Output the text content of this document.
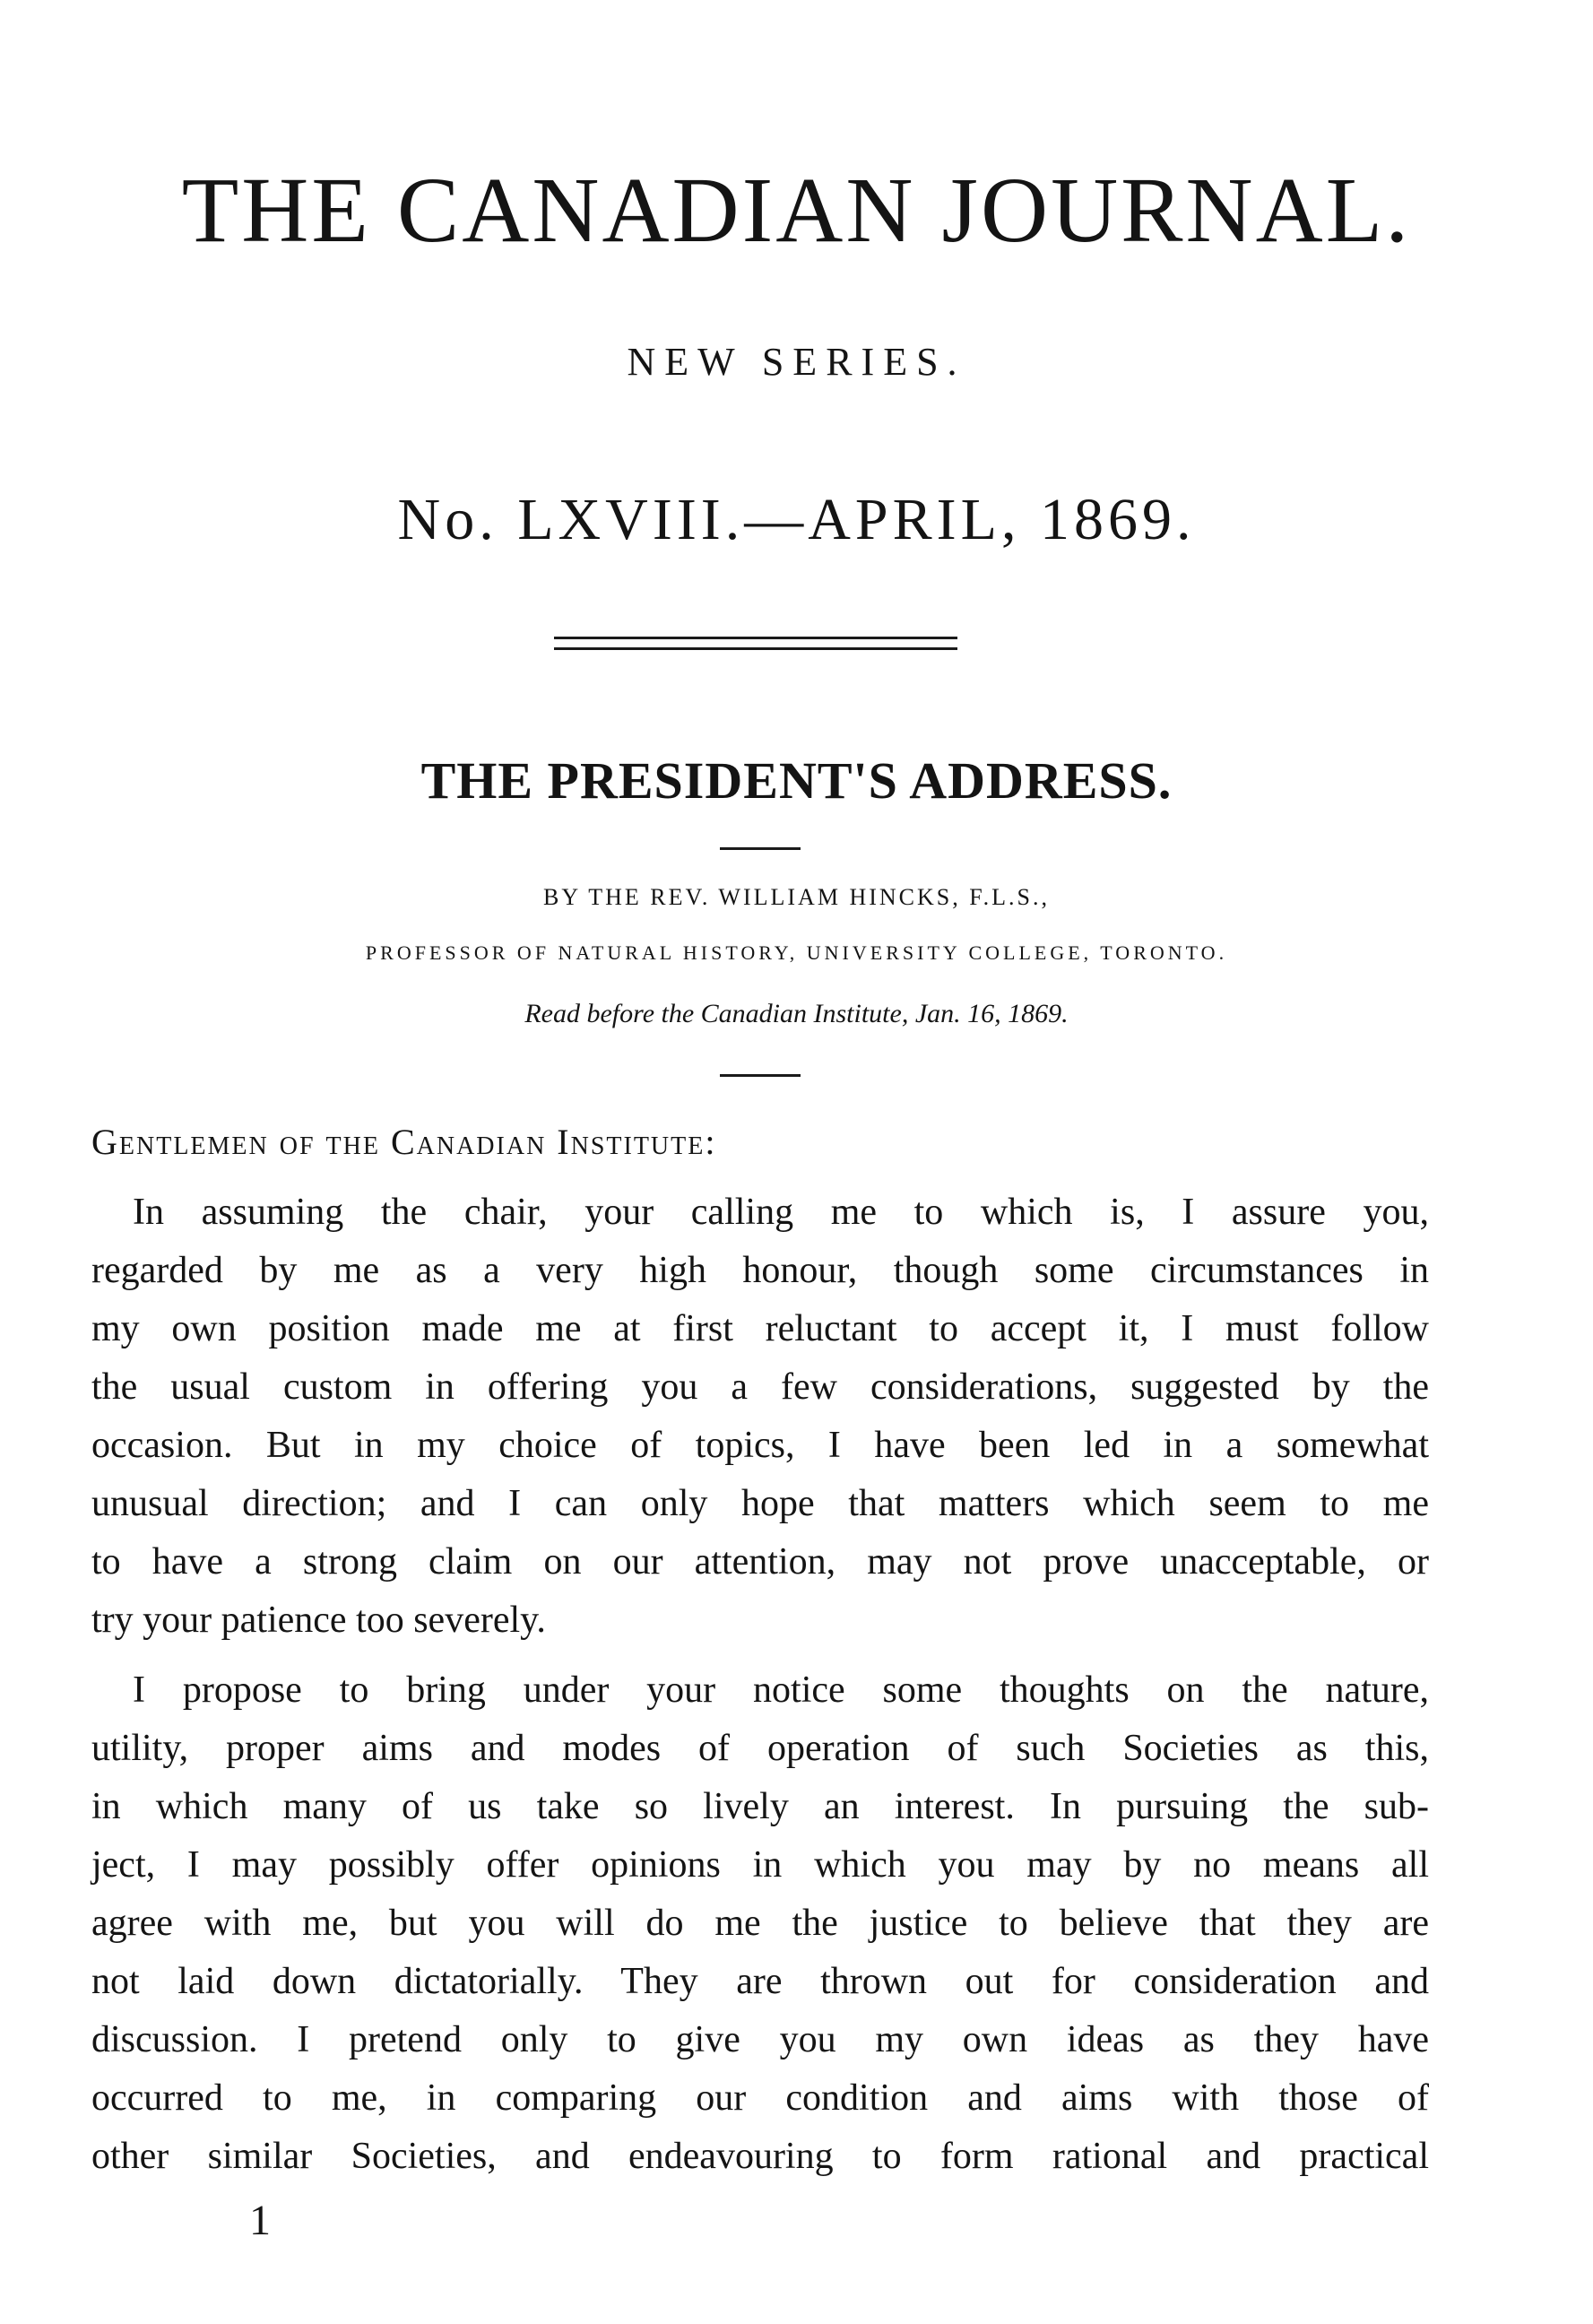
THE CANADIAN JOURNAL.
NEW SERIES.
No. LXVIII.—APRIL, 1869.
THE PRESIDENT'S ADDRESS.
BY THE REV. WILLIAM HINCKS, F.L.S.,
PROFESSOR OF NATURAL HISTORY, UNIVERSITY COLLEGE, TORONTO.
Read before the Canadian Institute, Jan. 16, 1869.
Gentlemen of the Canadian Institute:
In assuming the chair, your calling me to which is, I assure you,
regarded by me as a very high honour, though some circumstances in
my own position made me at first reluctant to accept it, I must follow
the usual custom in offering you a few considerations, suggested by the
occasion. But in my choice of topics, I have been led in a somewhat
unusual direction; and I can only hope that matters which seem to me
to have a strong claim on our attention, may not prove unacceptable, or
try your patience too severely.
I propose to bring under your notice some thoughts on the nature,
utility, proper aims and modes of operation of such Societies as this,
in which many of us take so lively an interest. In pursuing the sub-
ject, I may possibly offer opinions in which you may by no means all
agree with me, but you will do me the justice to believe that they are
not laid down dictatorially. They are thrown out for consideration and
discussion. I pretend only to give you my own ideas as they have
occurred to me, in comparing our condition and aims with those of
other similar Societies, and endeavouring to form rational and practical
1
